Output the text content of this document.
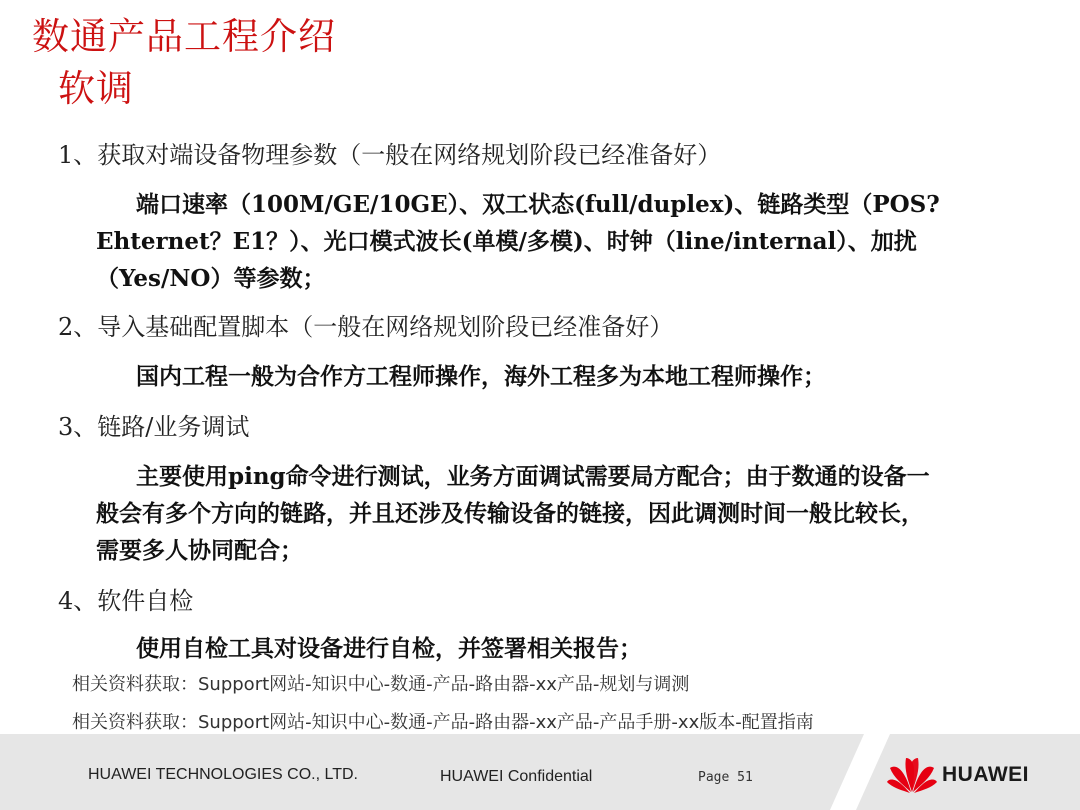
数通产品工程介绍
软调
1、获取对端设备物理参数（一般在网络规划阶段已经准备好）
端口速率（100M/GE/10GE）、双工状态(full/duplex)、链路类型（POS?
Ehternet？E1？）、光口模式波长(单模/多模)、时钟（line/internal）、加扰
（Yes/NO）等参数；
2、导入基础配置脚本（一般在网络规划阶段已经准备好）
国内工程一般为合作方工程师操作，海外工程多为本地工程师操作；
3、链路/业务调试
主要使用ping命令进行测试，业务方面调试需要局方配合；由于数通的设备一
般会有多个方向的链路，并且还涉及传输设备的链接，因此调测时间一般比较长，
需要多人协同配合；
4、软件自检
使用自检工具对设备进行自检，并签署相关报告；
相关资料获取：Support网站-知识中心-数通-产品-路由器-xx产品-规划与调测
相关资料获取：Support网站-知识中心-数通-产品-路由器-xx产品-产品手册-xx版本-配置指南
HUAWEI TECHNOLOGIES CO., LTD.	HUAWEI Confidential	Page 51	HUAWEI
